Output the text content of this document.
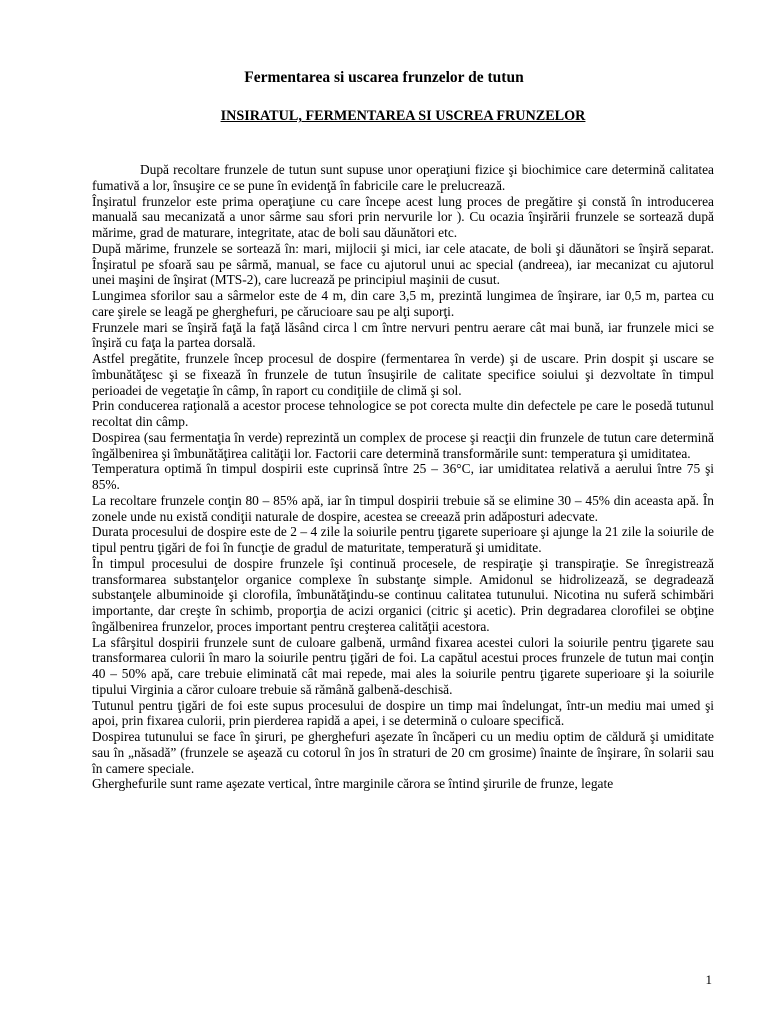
Fermentarea si uscarea frunzelor de tutun
INSIRATUL, FERMENTAREA SI USCREA FRUNZELOR

După recoltare frunzele de tutun sunt supuse unor operaţiuni fizice şi biochimice care determină calitatea fumativă a lor, însuşire ce se pune în evidenţă în fabricile care le prelucrează.

Înşiratul frunzelor este prima operaţiune cu care începe acest lung proces de pregătire şi constă în introducerea manuală sau mecanizată a unor sârme sau sfori prin nervurile lor ). Cu ocazia înşirării frunzele se sortează după mărime, grad de maturare, integritate, atac de boli sau dăunători etc.

După mărime, frunzele se sortează în: mari, mijlocii şi mici, iar cele atacate, de boli şi dăunători se înşiră separat. Înşiratul pe sfoară sau pe sârmă, manual, se face cu ajutorul unui ac special (andreea), iar mecanizat cu ajutorul unei maşini de înşirat (MTS-2), care lucrează pe principiul maşinii de cusut.

Lungimea sforilor sau a sârmelor este de 4 m, din care 3,5 m, prezintă lungimea de înşirare, iar 0,5 m, partea cu care şirele se leagă pe gherghefuri, pe cărucioare sau pe alţi suporţi.

Frunzele mari se înşiră faţă la faţă lăsând circa l cm între nervuri pentru aerare cât mai bună, iar frunzele mici se înşiră cu faţa la partea dorsală.

Astfel pregătite, frunzele încep procesul de dospire (fermentarea în verde) şi de uscare. Prin dospit şi uscare se îmbunătăţesc şi se fixează în frunzele de tutun însuşirile de calitate specifice soiului şi dezvoltate în timpul perioadei de vegetaţie în câmp, în raport cu condiţiile de climă şi sol.

Prin conducerea raţională a acestor procese tehnologice se pot corecta multe din defectele pe care le posedă tutunul recoltat din câmp.

Dospirea (sau fermentaţia în verde) reprezintă un complex de procese şi reacţii din frunzele de tutun care determină îngălbenirea şi îmbunătăţirea calităţii lor. Factorii care determină transformările sunt: temperatura şi umiditatea.

Temperatura optimă în timpul dospirii este cuprinsă între 25 – 36°C, iar umiditatea relativă a aerului între 75 şi 85%.

La recoltare frunzele conţin 80 – 85% apă, iar în timpul dospirii trebuie să se elimine 30 – 45% din aceasta apă. În zonele unde nu există condiţii naturale de dospire, acestea se creează prin adăposturi adecvate.

Durata procesului de dospire este de 2 – 4 zile la soiurile pentru ţigarete superioare şi ajunge la 21 zile la soiurile de tipul pentru ţigări de foi în funcţie de gradul de maturitate, temperatură şi umiditate.

În timpul procesului de dospire frunzele îşi continuă procesele, de respiraţie şi transpiraţie. Se înregistrează transformarea substanţelor organice complexe în substanţe simple. Amidonul se hidrolizează, se degradează substanţele albuminoide şi clorofila, îmbunătăţindu-se continuu calitatea tutunului. Nicotina nu suferă schimbări importante, dar creşte în schimb, proporţia de acizi organici (citric şi acetic). Prin degradarea clorofilei se obţine îngălbenirea frunzelor, proces important pentru creşterea calităţii acestora.

La sfârşitul dospirii frunzele sunt de culoare galbenă, urmând fixarea acestei culori la soiurile pentru ţigarete sau transformarea culorii în maro la soiurile pentru ţigări de foi. La capătul acestui proces frunzele de tutun mai conţin 40 – 50% apă, care trebuie eliminată cât mai repede, mai ales la soiurile pentru ţigarete superioare şi la soiurile tipului Virginia a căror culoare trebuie să rămână galbenă-deschisă.

Tutunul pentru ţigări de foi este supus procesului de dospire un timp mai îndelungat, într-un mediu mai umed şi apoi, prin fixarea culorii, prin pierderea rapidă a apei, i se determină o culoare specifică.

Dospirea tutunului se face în şiruri, pe gherghefuri aşezate în încăperi cu un mediu optim de căldură şi umiditate sau în „năsadă” (frunzele se aşează cu cotorul în jos în straturi de 20 cm grosime) înainte de înşirare, în solarii sau în camere speciale.

Gherghefurile sunt rame aşezate vertical, între marginile cărora se întind şirurile de frunze, legate

1
